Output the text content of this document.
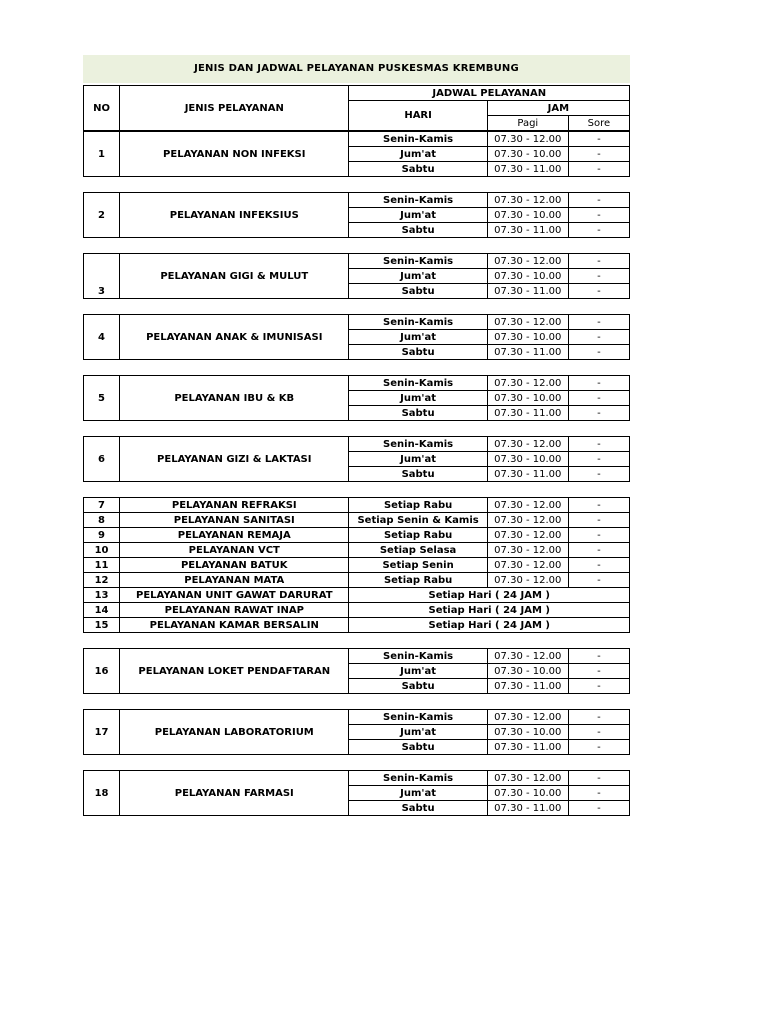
JENIS DAN JADWAL PELAYANAN PUSKESMAS KREMBUNG
NO	JENIS PELAYANAN	JADWAL PELAYANAN		
		HARI	JAM	
			Pagi	Sore
1	PELAYANAN NON INFEKSI	Senin-Kamis	07.30 - 12.00	-
		Jum'at	07.30 - 10.00	-
		Sabtu	07.30 - 11.00	-
2	PELAYANAN INFEKSIUS	Senin-Kamis	07.30 - 12.00	-
		Jum'at	07.30 - 10.00	-
		Sabtu	07.30 - 11.00	-
3	PELAYANAN GIGI & MULUT	Senin-Kamis	07.30 - 12.00	-
		Jum'at	07.30 - 10.00	-
		Sabtu	07.30 - 11.00	-
4	PELAYANAN ANAK & IMUNISASI	Senin-Kamis	07.30 - 12.00	-
		Jum'at	07.30 - 10.00	-
		Sabtu	07.30 - 11.00	-
5	PELAYANAN IBU & KB	Senin-Kamis	07.30 - 12.00	-
		Jum'at	07.30 - 10.00	-
		Sabtu	07.30 - 11.00	-
6	PELAYANAN GIZI & LAKTASI	Senin-Kamis	07.30 - 12.00	-
		Jum'at	07.30 - 10.00	-
		Sabtu	07.30 - 11.00	-
7	PELAYANAN REFRAKSI	Setiap Rabu	07.30 - 12.00	-
8	PELAYANAN SANITASI	Setiap Senin & Kamis	07.30 - 12.00	-
9	PELAYANAN REMAJA	Setiap Rabu	07.30 - 12.00	-
10	PELAYANAN VCT	Setiap Selasa	07.30 - 12.00	-
11	PELAYANAN BATUK	Setiap Senin	07.30 - 12.00	-
12	PELAYANAN MATA	Setiap Rabu	07.30 - 12.00	-
13	PELAYANAN UNIT GAWAT DARURAT	Setiap Hari ( 24 JAM )		
14	PELAYANAN RAWAT INAP	Setiap Hari ( 24 JAM )		
15	PELAYANAN KAMAR BERSALIN	Setiap Hari ( 24 JAM )		
16	PELAYANAN LOKET PENDAFTARAN	Senin-Kamis	07.30 - 12.00	-
		Jum'at	07.30 - 10.00	-
		Sabtu	07.30 - 11.00	-
17	PELAYANAN LABORATORIUM	Senin-Kamis	07.30 - 12.00	-
		Jum'at	07.30 - 10.00	-
		Sabtu	07.30 - 11.00	-
18	PELAYANAN FARMASI	Senin-Kamis	07.30 - 12.00	-
		Jum'at	07.30 - 10.00	-
		Sabtu	07.30 - 11.00	-
